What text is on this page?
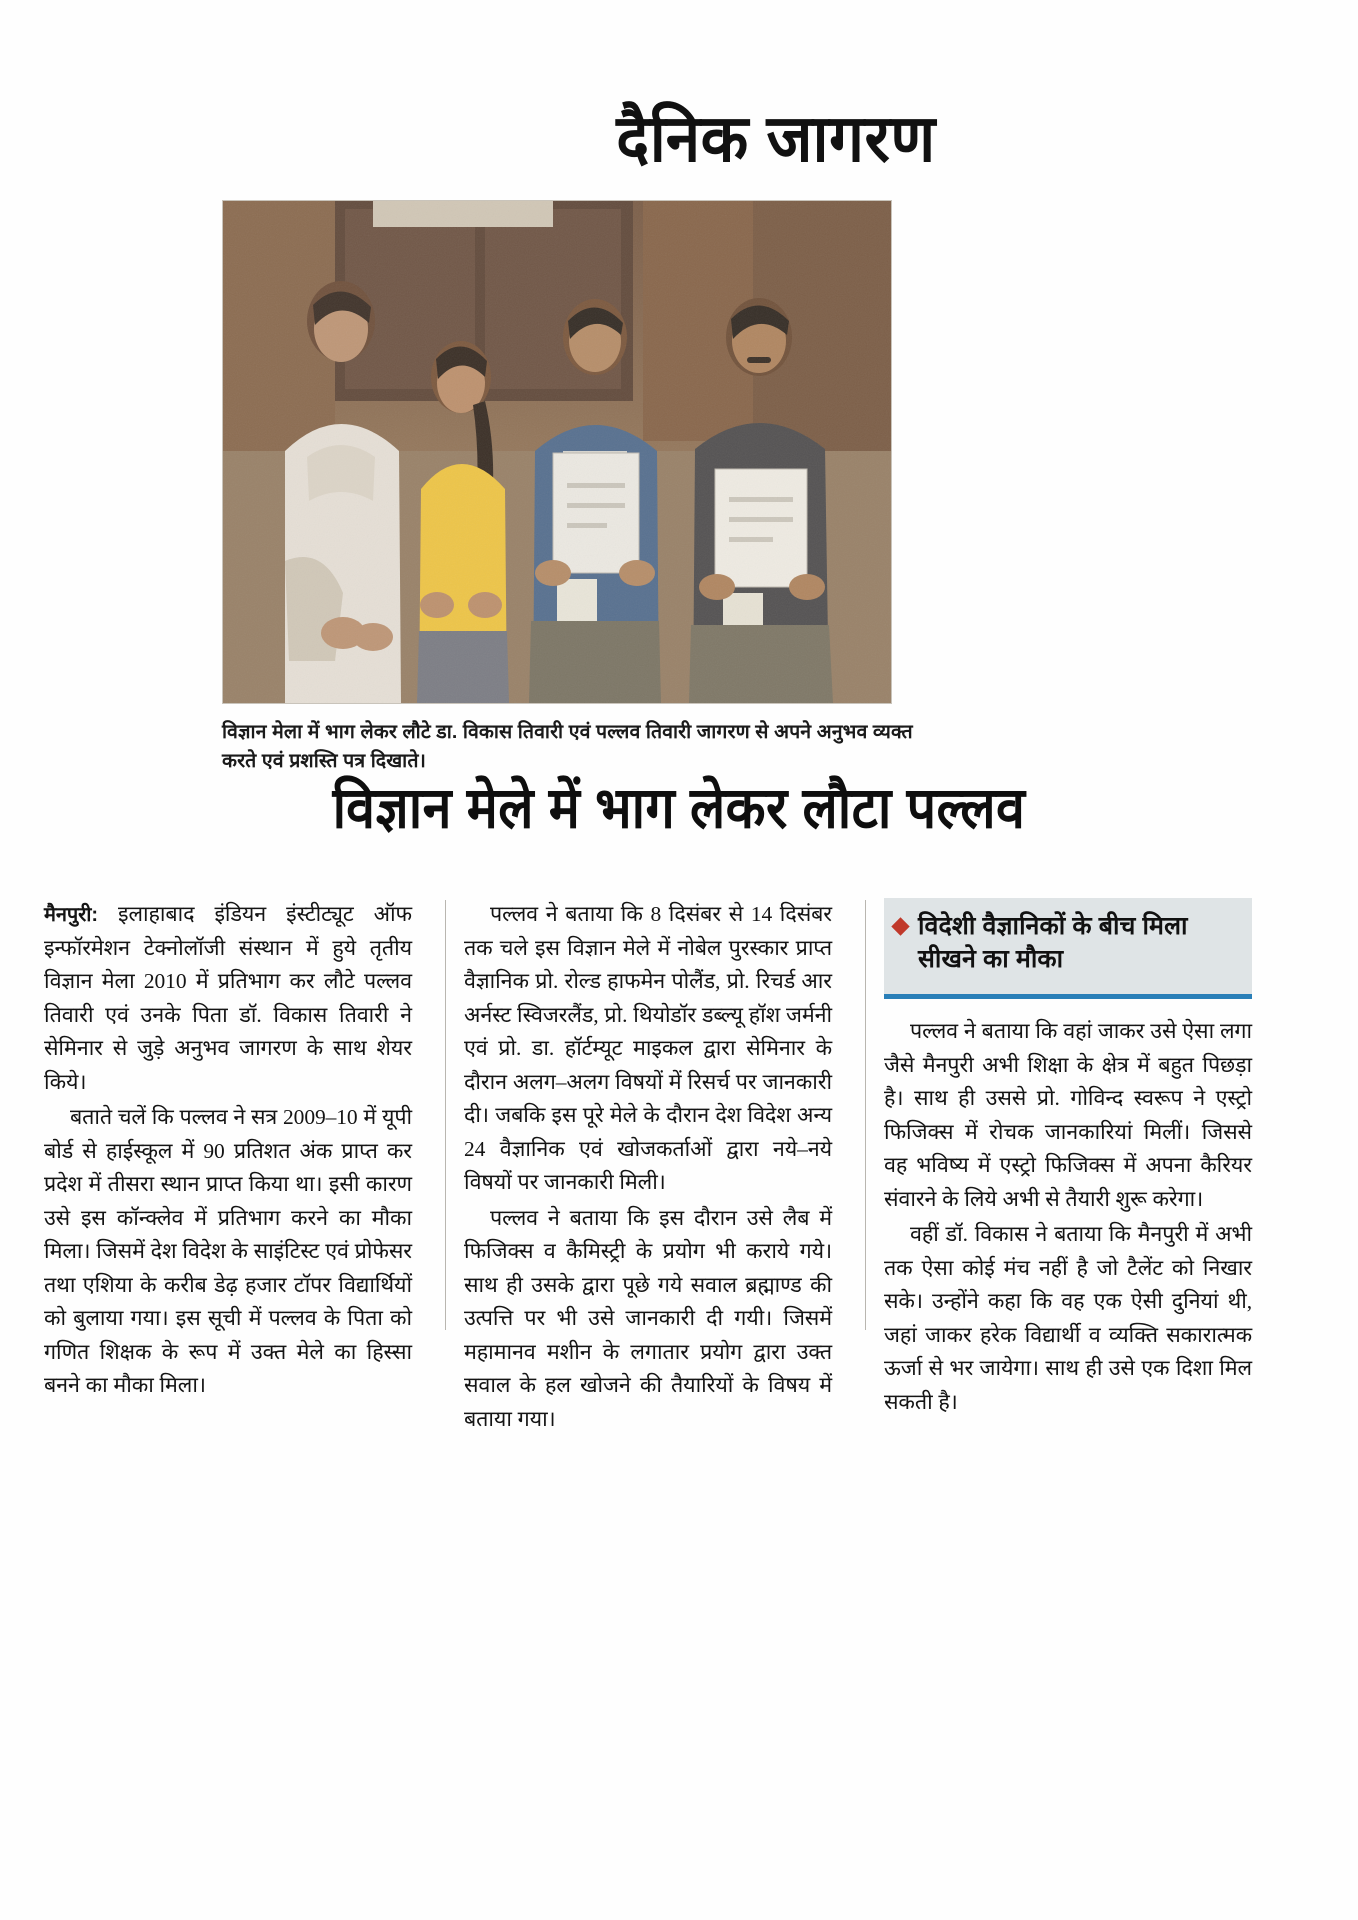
दैनिक जागरण
विज्ञान मेला में भाग लेकर लौटे डा. विकास तिवारी एवं पल्लव तिवारी जागरण से अपने अनुभव व्यक्त करते एवं प्रशस्ति पत्र दिखाते।
विज्ञान मेले में भाग लेकर लौटा पल्लव

मैनपुरी: इलाहाबाद इंडियन इंस्टीट्यूट ऑफ इन्फॉरमेशन टेक्नोलॉजी संस्थान में हुये तृतीय विज्ञान मेला 2010 में प्रतिभाग कर लौटे पल्लव तिवारी एवं उनके पिता डॉ. विकास तिवारी ने सेमिनार से जुड़े अनुभव जागरण के साथ शेयर किये।

बताते चलें कि पल्लव ने सत्र 2009–10 में यूपी बोर्ड से हाईस्कूल में 90 प्रतिशत अंक प्राप्त कर प्रदेश में तीसरा स्थान प्राप्त किया था। इसी कारण उसे इस कॉन्क्लेव में प्रतिभाग करने का मौका मिला। जिसमें देश विदेश के साइंटिस्ट एवं प्रोफेसर तथा एशिया के करीब डेढ़ हजार टॉपर विद्यार्थियों को बुलाया गया। इस सूची में पल्लव के पिता को गणित शिक्षक के रूप में उक्त मेले का हिस्सा बनने का मौका मिला।

पल्लव ने बताया कि 8 दिसंबर से 14 दिसंबर तक चले इस विज्ञान मेले में नोबेल पुरस्कार प्राप्त वैज्ञानिक प्रो. रोल्ड हाफमेन पोलैंड, प्रो. रिचर्ड आर अर्नस्ट स्विजरलैंड, प्रो. थियोडॉर डब्ल्यू हॉश जर्मनी एवं प्रो. डा. हॉर्टम्यूट माइकल द्वारा सेमिनार के दौरान अलग–अलग विषयों में रिसर्च पर जानकारी दी। जबकि इस पूरे मेले के दौरान देश विदेश अन्य 24 वैज्ञानिक एवं खोजकर्ताओं द्वारा नये–नये विषयों पर जानकारी मिली।

पल्लव ने बताया कि इस दौरान उसे लैब में फिजिक्स व कैमिस्ट्री के प्रयोग भी कराये गये। साथ ही उसके द्वारा पूछे गये सवाल ब्रह्माण्ड की उत्पत्ति पर भी उसे जानकारी दी गयी। जिसमें महामानव मशीन के लगातार प्रयोग द्वारा उक्त सवाल के हल खोजने की तैयारियों के विषय में बताया गया।

विदेशी वैज्ञानिकों के बीच मिला सीखने का मौका

पल्लव ने बताया कि वहां जाकर उसे ऐसा लगा जैसे मैनपुरी अभी शिक्षा के क्षेत्र में बहुत पिछड़ा है। साथ ही उससे प्रो. गोविन्द स्वरूप ने एस्ट्रो फिजिक्स में रोचक जानकारियां मिलीं। जिससे वह भविष्य में एस्ट्रो फिजिक्स में अपना कैरियर संवारने के लिये अभी से तैयारी शुरू करेगा।

वहीं डॉ. विकास ने बताया कि मैनपुरी में अभी तक ऐसा कोई मंच नहीं है जो टैलेंट को निखार सके। उन्होंने कहा कि वह एक ऐसी दुनियां थी, जहां जाकर हरेक विद्यार्थी व व्यक्ति सकारात्मक ऊर्जा से भर जायेगा। साथ ही उसे एक दिशा मिल सकती है।
